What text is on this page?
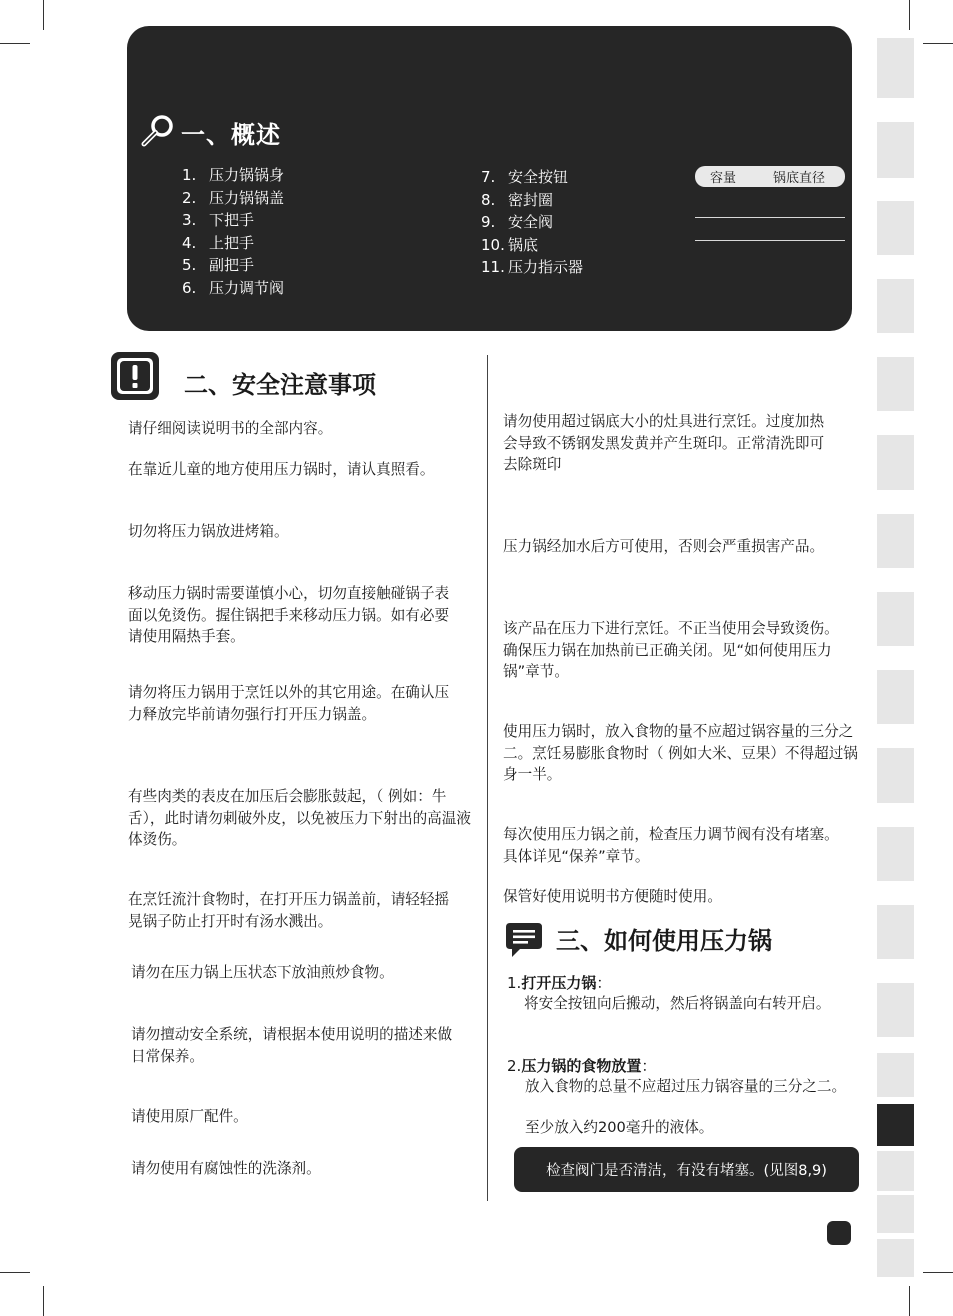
一、概述
1. 压力锅锅身
2. 压力锅锅盖
3. 下把手
4. 上把手
5. 副把手
6. 压力调节阀
7. 安全按钮
8. 密封圈
9. 安全阀
10. 锅底
11. 压力指示器
容量	锅底直径
二、安全注意事项
请仔细阅读说明书的全部内容。
在靠近儿童的地方使用压力锅时，请认真照看。
切勿将压力锅放进烤箱。
移动压力锅时需要谨慎小心，切勿直接触碰锅子表面以免烫伤。握住锅把手来移动压力锅。如有必要请使用隔热手套。
请勿将压力锅用于烹饪以外的其它用途。在确认压力释放完毕前请勿强行打开压力锅盖。
有些肉类的表皮在加压后会膨胀鼓起，（ 例如：牛舌），此时请勿刺破外皮，以免被压力下射出的高温液体烫伤。
在烹饪流汁食物时，在打开压力锅盖前，请轻轻摇晃锅子防止打开时有汤水溅出。
请勿在压力锅上压状态下放油煎炒食物。
请勿擅动安全系统，请根据本使用说明的描述来做日常保养。
请使用原厂配件。
请勿使用有腐蚀性的洗涤剂。
请勿使用超过锅底大小的灶具进行烹饪。过度加热会导致不锈钢发黑发黄并产生斑印。正常清洗即可去除斑印
压力锅经加水后方可使用，否则会严重损害产品。
该产品在压力下进行烹饪。不正当使用会导致烫伤。确保压力锅在加热前已正确关闭。见“如何使用压力锅”章节。
使用压力锅时，放入食物的量不应超过锅容量的三分之二。烹饪易膨胀食物时（ 例如大米、豆果）不得超过锅身一半。
每次使用压力锅之前，检查压力调节阀有没有堵塞。具体详见“保养”章节。
保管好使用说明书方便随时使用。
三、如何使用压力锅
1.打开压力锅：
将安全按钮向后搬动，然后将锅盖向右转开启。
2.压力锅的食物放置：
放入食物的总量不应超过压力锅容量的三分之二。
至少放入约200毫升的液体。
检查阀门是否清洁，有没有堵塞。(见图8,9)
